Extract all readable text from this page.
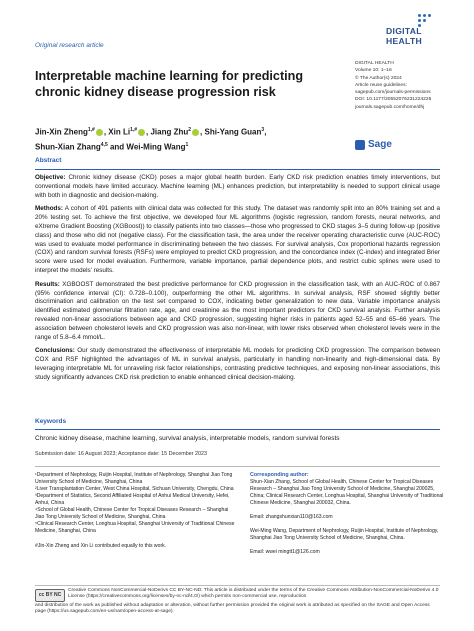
Original research article
DIGITAL
HEALTH
DIGITAL HEALTH
Volume 10: 1–16
© The Author(s) 2024
Article reuse guidelines:
sagepub.com/journals-permissions
DOI: 10.1177/20552076231224225
journals.sagepub.com/home/dhj
Sage
Interpretable machine learning for predicting chronic kidney disease progression risk
Jin-Xin Zheng$^{1,\#}$ , Xin $Li^{1,\#}$ , Jiang Zhu$^2$ , Shi-Yang Guan$^3$,
Shun-Xian Zhang$^{4,5}$ and Wei-Ming Wang$^1$
Abstract

Objective: Chronic kidney disease (CKD) poses a major global health burden. Early CKD risk prediction enables timely interventions, but conventional models have limited accuracy. Machine learning (ML) enhances prediction, but interpretability is needed to support clinical usage with both in diagnostic and decision-making.

Methods: A cohort of 491 patients with clinical data was collected for this study. The dataset was randomly split into an 80% training set and a 20% testing set. To achieve the first objective, we developed four ML algorithms (logistic regression, random forests, neural networks, and eXtreme Gradient Boosting (XGBoost)) to classify patients into two classes—those who progressed to CKD stages 3–5 during follow-up (positive class) and those who did not (negative class). For the classification task, the area under the receiver operating characteristic curve (AUC-ROC) was used to evaluate model performance in discriminating between the two classes. For survival analysis, Cox proportional hazards regression (COX) and random survival forests (RSFs) were employed to predict CKD progression, and the concordance index (C-index) and integrated Brier score were used for model evaluation. Furthermore, variable importance, partial dependence plots, and restrict cubic splines were used to interpret the models' results.

Results: XGBOOST demonstrated the best predictive performance for CKD progression in the classification task, with an AUC-ROC of 0.867 (95% confidence interval (CI): 0.728–0.100), outperforming the other ML algorithms. In survival analysis, RSF showed slightly better discrimination and calibration on the test set compared to COX, indicating better generalization to new data. Variable importance analysis identified estimated glomerular filtration rate, age, and creatinine as the most important predictors for CKD survival analysis. Further analysis revealed non-linear associations between age and CKD progression, suggesting higher risks in patients aged 52–55 and 65–66 years. The association between cholesterol levels and CKD progression was also non-linear, with lower risks observed when cholesterol levels were in the range of 5.8–6.4 mmol/L.

Conclusions: Our study demonstrated the effectiveness of interpretable ML models for predicting CKD progression. The comparison between COX and RSF highlighted the advantages of ML in survival analysis, particularly in handling non-linearity and high-dimensional data. By leveraging interpretable ML for unraveling risk factor relationships, contrasting predictive techniques, and exposing non-linear associations, this study significantly advances CKD risk prediction to enable enhanced clinical decision-making.

Keywords
Chronic kidney disease, machine learning, survival analysis, interpretable models, random survival forests
Submission date: 16 August 2023; Acceptance date: 15 December 2023
¹Department of Nephrology, Ruijin Hospital, Institute of Nephrology, Shanghai Jiao Tong University School of Medicine, Shanghai, China
²Liver Transplantation Center, West China Hospital, Sichuan University, Chengdu, China
³Department of Statistics, Second Affiliated Hospital of Anhui Medical University, Hefei, Anhui, China
⁴School of Global Health, Chinese Center for Tropical Diseases Research – Shanghai Jiao Tong University School of Medicine, Shanghai, China
⁵Clinical Research Center, Longhua Hospital, Shanghai University of Traditional Chinese Medicine, Shanghai, China
#Jin-Xin Zheng and Xin Li contributed equally to this work.
Corresponding author:

Shun-Xian Zhang, School of Global Health, Chinese Center for Tropical Diseases Research – Shanghai Jiao Tong University School of Medicine, Shanghai 200025, China; Clinical Research Center, Longhua Hospital, Shanghai University of Traditional Chinese Medicine, Shanghai 200032, China.

Email: zhangshunxian110@163.com

Wei-Ming Wang, Department of Nephrology, Ruijin Hospital, Institute of Nephrology, Shanghai Jiao Tong University School of Medicine, Shanghai, China.

Email: wwei mingtt1@126.com

cc BY NC
Creative Commons NonCommercial-NoDerivs CC BY-NC-ND: This article is distributed under the terms of the Creative Commons Attribution-NonCommercial-NoDerivs 4.0 License (https://creativecommons.org/licenses/by-nc-nd/4.0/) which permits non-commercial use, reproduction
and distribution of the work as published without adaptation or alteration, without further permission provided the original work is attributed as specified on the SAGE and Open Access page (https://us.sagepub.com/en-us/nam/open-access-at-sage).
